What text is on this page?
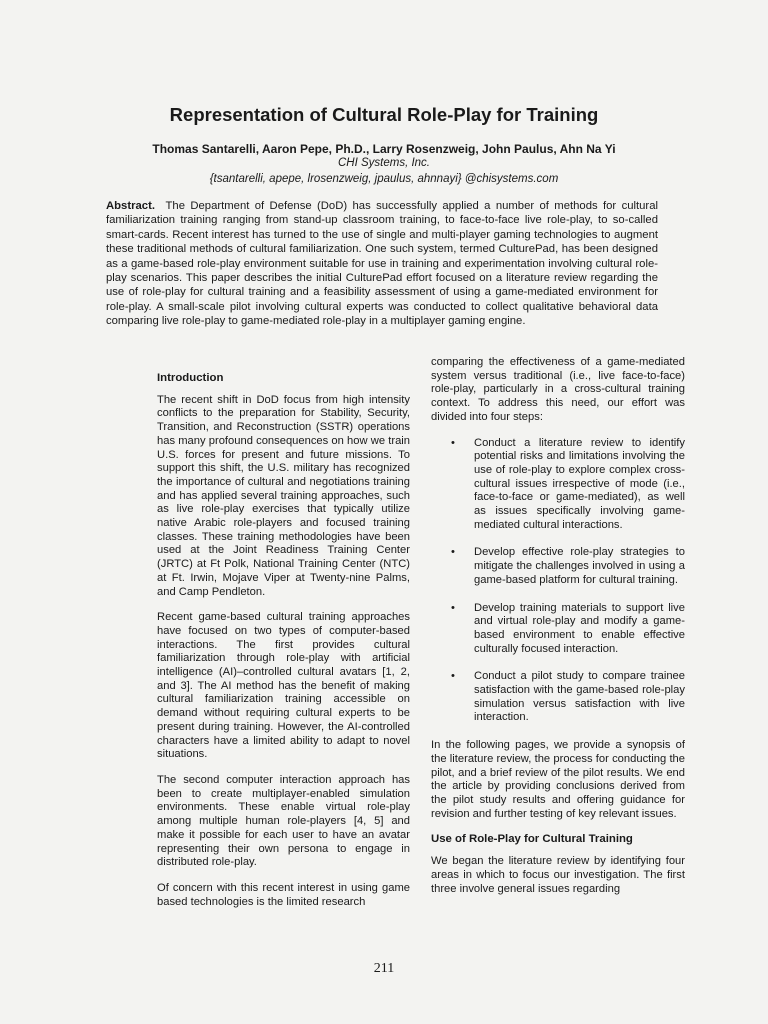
Representation of Cultural Role-Play for Training
Thomas Santarelli, Aaron Pepe, Ph.D., Larry Rosenzweig, John Paulus, Ahn Na Yi
CHI Systems, Inc.
{tsantarelli, apepe, lrosenzweig, jpaulus, ahnnayi} @chisystems.com

Abstract. The Department of Defense (DoD) has successfully applied a number of methods for cultural familiarization training ranging from stand-up classroom training, to face-to-face live role-play, to so-called smart-cards. Recent interest has turned to the use of single and multi-player gaming technologies to augment these traditional methods of cultural familiarization. One such system, termed CulturePad, has been designed as a game-based role-play environment suitable for use in training and experimentation involving cultural role-play scenarios. This paper describes the initial CulturePad effort focused on a literature review regarding the use of role-play for cultural training and a feasibility assessment of using a game-mediated environment for role-play. A small-scale pilot involving cultural experts was conducted to collect qualitative behavioral data comparing live role-play to game-mediated role-play in a multiplayer gaming engine.

Introduction

The recent shift in DoD focus from high intensity conflicts to the preparation for Stability, Security, Transition, and Reconstruction (SSTR) operations has many profound consequences on how we train U.S. forces for present and future missions. To support this shift, the U.S. military has recognized the importance of cultural and negotiations training and has applied several training approaches, such as live role-play exercises that typically utilize native Arabic role-players and focused training classes. These training methodologies have been used at the Joint Readiness Training Center (JRTC) at Ft Polk, National Training Center (NTC) at Ft. Irwin, Mojave Viper at Twenty-nine Palms, and Camp Pendleton.

Recent game-based cultural training approaches have focused on two types of computer-based interactions. The first provides cultural familiarization through role-play with artificial intelligence (AI)–controlled cultural avatars [1, 2, and 3]. The AI method has the benefit of making cultural familiarization training accessible on demand without requiring cultural experts to be present during training. However, the AI-controlled characters have a limited ability to adapt to novel situations.

The second computer interaction approach has been to create multiplayer-enabled simulation environments. These enable virtual role-play among multiple human role-players [4, 5] and make it possible for each user to have an avatar representing their own persona to engage in distributed role-play.

Of concern with this recent interest in using game based technologies is the limited research

comparing the effectiveness of a game-mediated system versus traditional (i.e., live face-to-face) role-play, particularly in a cross-cultural training context. To address this need, our effort was divided into four steps:

• Conduct a literature review to identify potential risks and limitations involving the use of role-play to explore complex cross-cultural issues irrespective of mode (i.e., face-to-face or game-mediated), as well as issues specifically involving game-mediated cultural interactions.
• Develop effective role-play strategies to mitigate the challenges involved in using a game-based platform for cultural training.
• Develop training materials to support live and virtual role-play and modify a game-based environment to enable effective culturally focused interaction.
• Conduct a pilot study to compare trainee satisfaction with the game-based role-play simulation versus satisfaction with live interaction.

In the following pages, we provide a synopsis of the literature review, the process for conducting the pilot, and a brief review of the pilot results. We end the article by providing conclusions derived from the pilot study results and offering guidance for revision and further testing of key relevant issues.

Use of Role-Play for Cultural Training

We began the literature review by identifying four areas in which to focus our investigation. The first three involve general issues regarding

211
